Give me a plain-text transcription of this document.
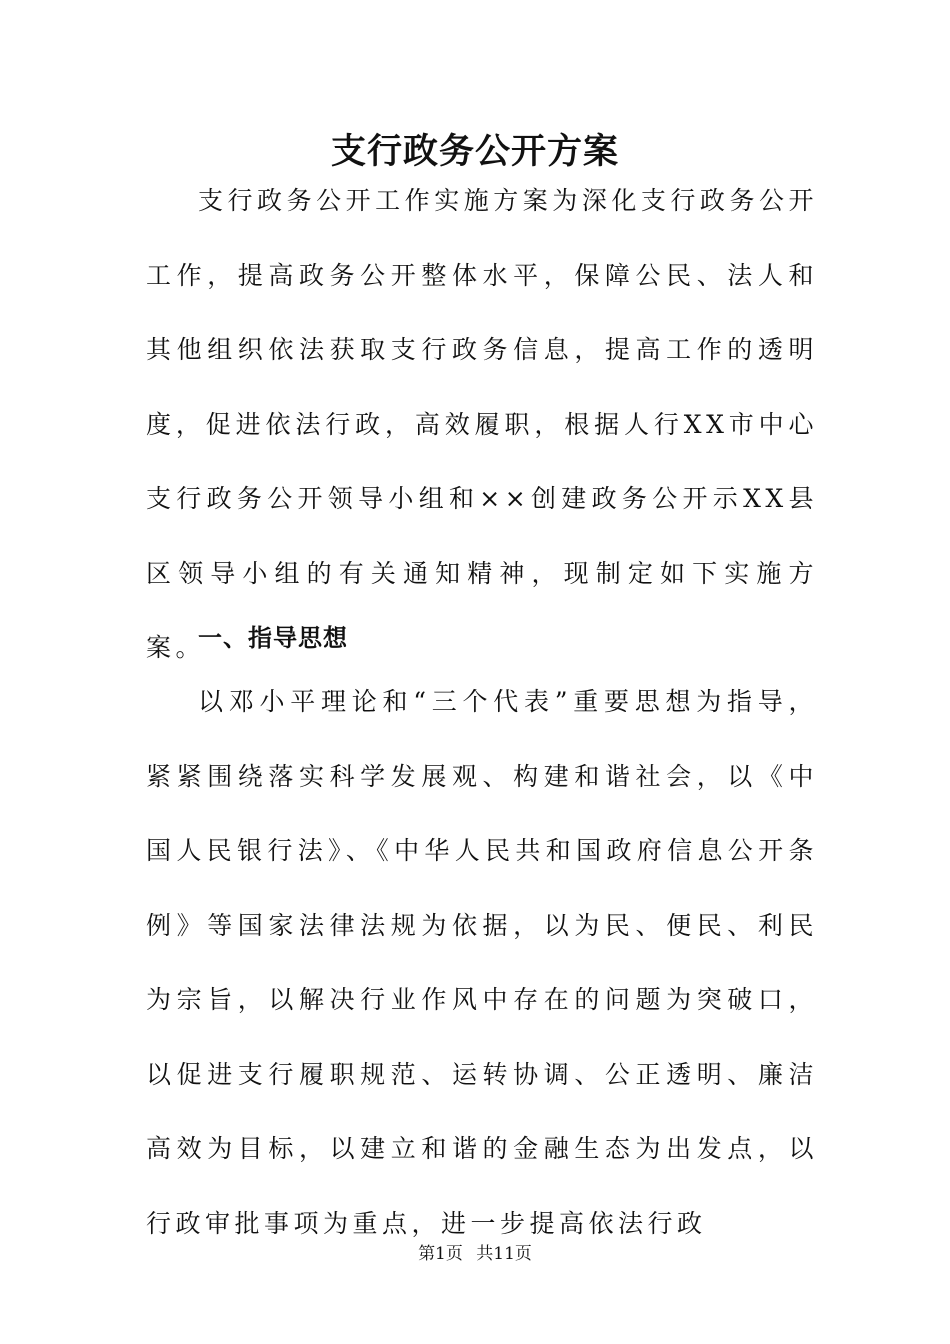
支行政务公开方案

支行政务公开工作实施方案为深化支行政务公开工作，提高政务公开整体水平，保障公民、法人和其他组织依法获取支行政务信息，提高工作的透明度，促进依法行政，高效履职，根据人行XX市中心支行政务公开领导小组和××创建政务公开示XX县区领导小组的有关通知精神，现制定如下实施方案。

一、指导思想

以邓小平理论和“三个代表”重要思想为指导，紧紧围绕落实科学发展观、构建和谐社会，以《中国人民银行法》、《中华人民共和国政府信息公开条例》等国家法律法规为依据，以为民、便民、利民为宗旨，以解决行业作风中存在的问题为突破口，以促进支行履职规范、运转协调、公正透明、廉洁高效为目标，以建立和谐的金融生态为出发点，以行政审批事项为重点，进一步提高依法行政

第1页 共11页
